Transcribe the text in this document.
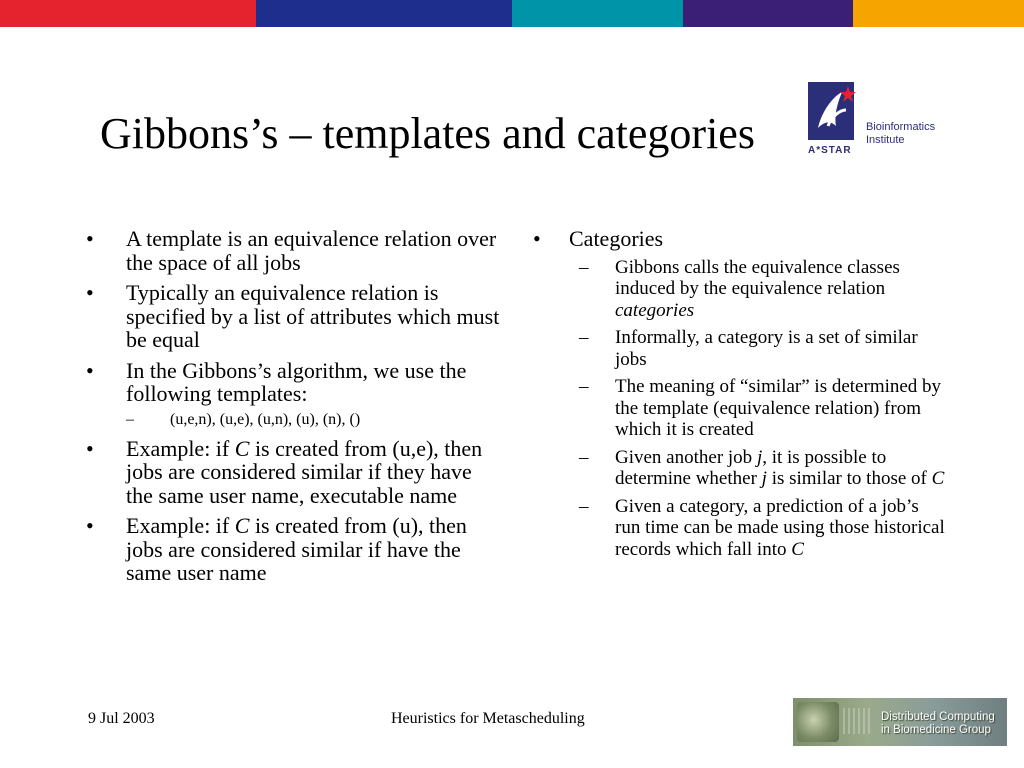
Gibbons’s – templates and categories	A*STAR
Bioinformatics
Institute
• A template is an equivalence relation over the space of all jobs
• Typically an equivalence relation is specified by a list of attributes which must be equal
• In the Gibbons’s algorithm, we use the following templates:
– (u,e,n), (u,e), (u,n), (u), (n), ()
• Example: if C is created from (u,e), then jobs are considered similar if they have the same user name, executable name
• Example: if C is created from (u), then jobs are considered similar if have the same user name
• Categories
– Gibbons calls the equivalence classes induced by the equivalence relation categories
– Informally, a category is a set of similar jobs
– The meaning of “similar” is determined by the template (equivalence relation) from which it is created
– Given another job j, it is possible to determine whether j is similar to those of C
– Given a category, a prediction of a job’s run time can be made using those historical records which fall into C
9 Jul 2003	Heuristics for Metascheduling	Distributed Computing
in Biomedicine Group
